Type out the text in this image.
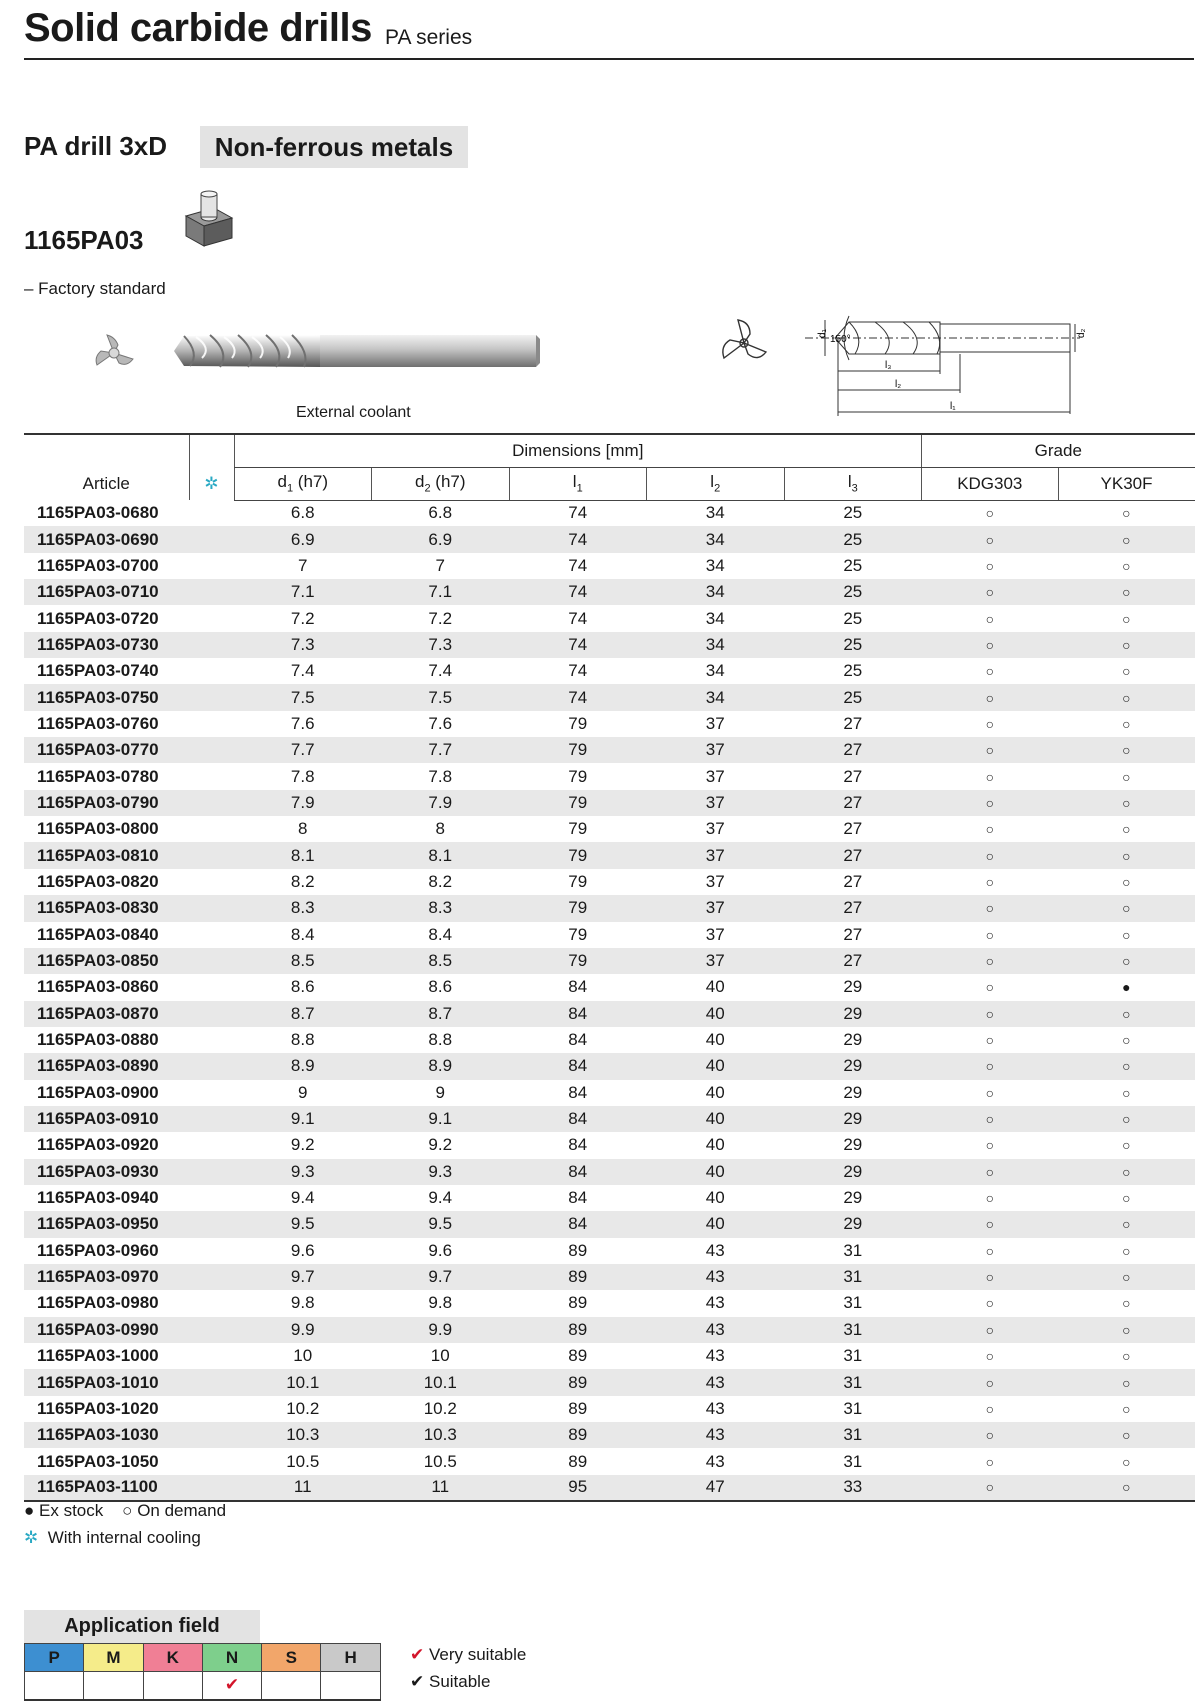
Solid carbide drills PA series
PA drill 3xD	Non-ferrous metals
1165PA03
– Factory standard
External coolant
d₁
150°
d₂
l₃
l₂
l₁
Article	✲	Dimensions [mm]					Grade	
		$d_1$ (h7)	$d_2$ (h7)	$l_1$	$l_2$	$l_3$	KDG303	YK30F
1165PA03-0680		6.8	6.8	74	34	25	○	○
1165PA03-0690		6.9	6.9	74	34	25	○	○
1165PA03-0700		7	7	74	34	25	○	○
1165PA03-0710		7.1	7.1	74	34	25	○	○
1165PA03-0720		7.2	7.2	74	34	25	○	○
1165PA03-0730		7.3	7.3	74	34	25	○	○
1165PA03-0740		7.4	7.4	74	34	25	○	○
1165PA03-0750		7.5	7.5	74	34	25	○	○
1165PA03-0760		7.6	7.6	79	37	27	○	○
1165PA03-0770		7.7	7.7	79	37	27	○	○
1165PA03-0780		7.8	7.8	79	37	27	○	○
1165PA03-0790		7.9	7.9	79	37	27	○	○
1165PA03-0800		8	8	79	37	27	○	○
1165PA03-0810		8.1	8.1	79	37	27	○	○
1165PA03-0820		8.2	8.2	79	37	27	○	○
1165PA03-0830		8.3	8.3	79	37	27	○	○
1165PA03-0840		8.4	8.4	79	37	27	○	○
1165PA03-0850		8.5	8.5	79	37	27	○	○
1165PA03-0860		8.6	8.6	84	40	29	○	●
1165PA03-0870		8.7	8.7	84	40	29	○	○
1165PA03-0880		8.8	8.8	84	40	29	○	○
1165PA03-0890		8.9	8.9	84	40	29	○	○
1165PA03-0900		9	9	84	40	29	○	○
1165PA03-0910		9.1	9.1	84	40	29	○	○
1165PA03-0920		9.2	9.2	84	40	29	○	○
1165PA03-0930		9.3	9.3	84	40	29	○	○
1165PA03-0940		9.4	9.4	84	40	29	○	○
1165PA03-0950		9.5	9.5	84	40	29	○	○
1165PA03-0960		9.6	9.6	89	43	31	○	○
1165PA03-0970		9.7	9.7	89	43	31	○	○
1165PA03-0980		9.8	9.8	89	43	31	○	○
1165PA03-0990		9.9	9.9	89	43	31	○	○
1165PA03-1000		10	10	89	43	31	○	○
1165PA03-1010		10.1	10.1	89	43	31	○	○
1165PA03-1020		10.2	10.2	89	43	31	○	○
1165PA03-1030		10.3	10.3	89	43	31	○	○
1165PA03-1050		10.5	10.5	89	43	31	○	○
1165PA03-1100		11	11	95	47	33	○	○
● Ex stock ○ On demand
✲ With internal cooling
Application field
P	M	K	N	S	H
			✔		
✔ Very suitable
✔ Suitable
